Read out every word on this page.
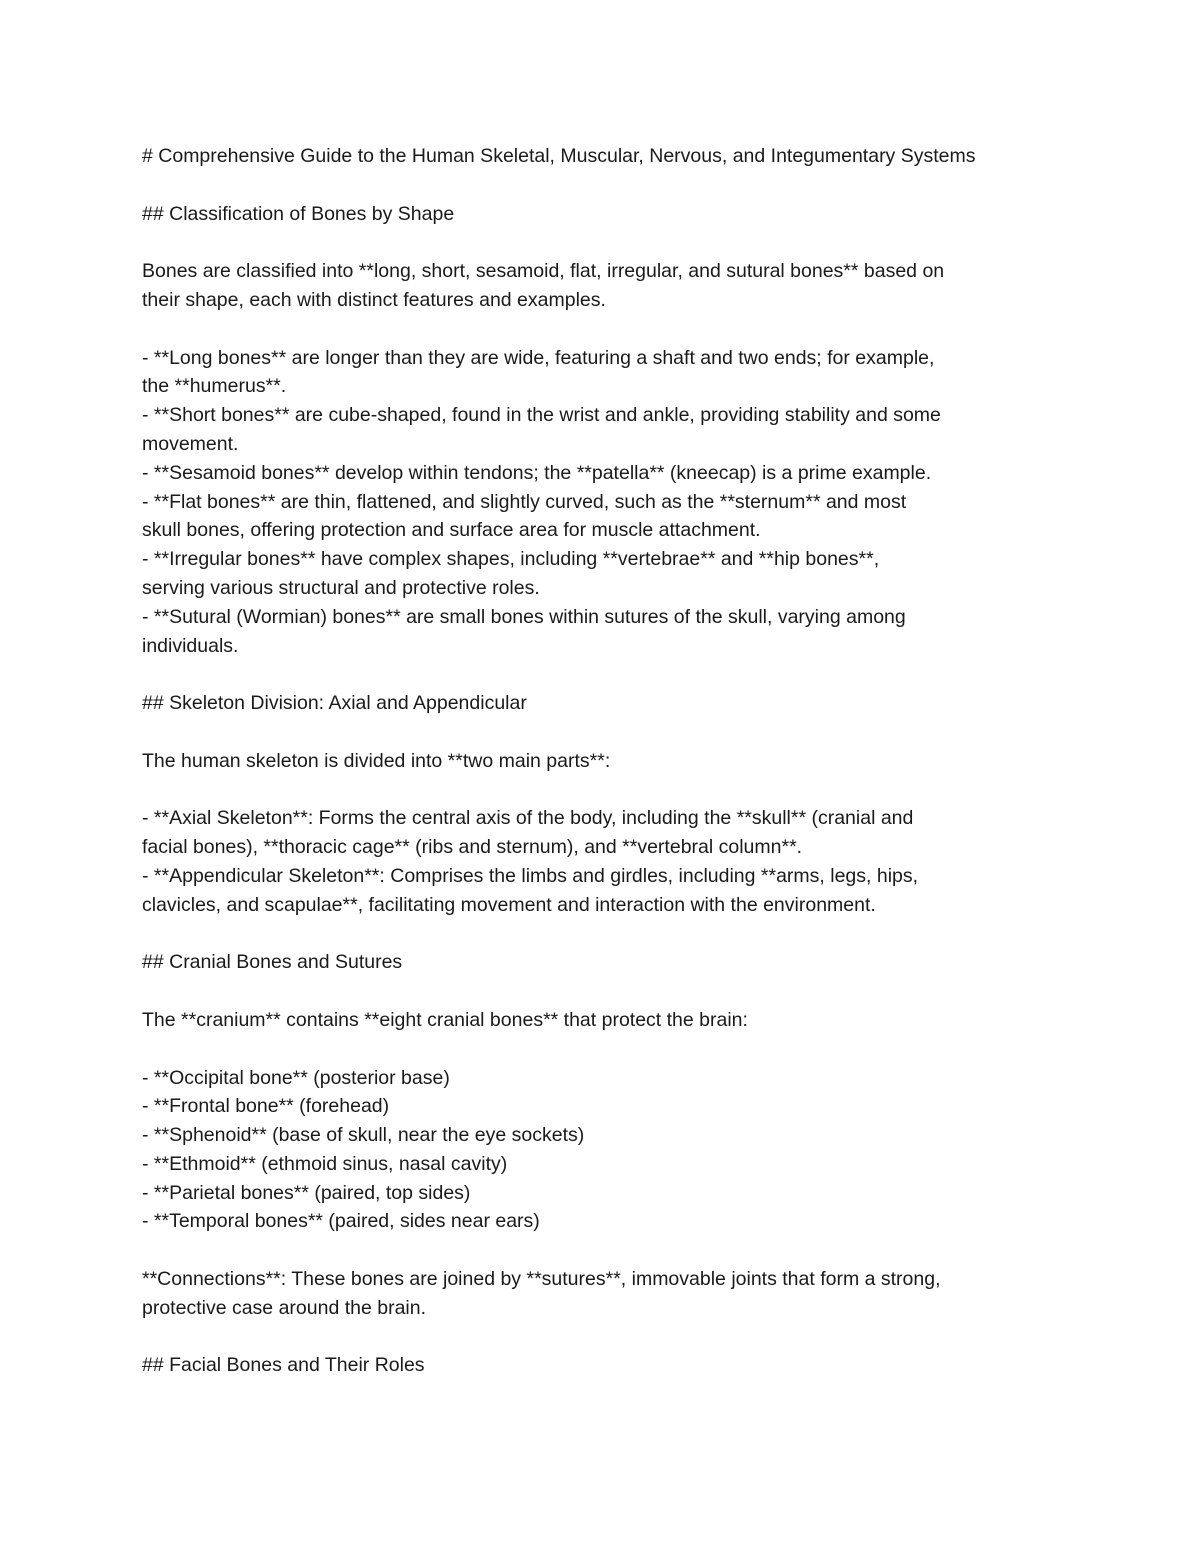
# Comprehensive Guide to the Human Skeletal, Muscular, Nervous, and Integumentary Systems
## Classification of Bones by Shape
Bones are classified into **long, short, sesamoid, flat, irregular, and sutural bones** based on
their shape, each with distinct features and examples.
- **Long bones** are longer than they are wide, featuring a shaft and two ends; for example,
the **humerus**.
- **Short bones** are cube-shaped, found in the wrist and ankle, providing stability and some
movement.
- **Sesamoid bones** develop within tendons; the **patella** (kneecap) is a prime example.
- **Flat bones** are thin, flattened, and slightly curved, such as the **sternum** and most
skull bones, offering protection and surface area for muscle attachment.
- **Irregular bones** have complex shapes, including **vertebrae** and **hip bones**,
serving various structural and protective roles.
- **Sutural (Wormian) bones** are small bones within sutures of the skull, varying among
individuals.
## Skeleton Division: Axial and Appendicular
The human skeleton is divided into **two main parts**:
- **Axial Skeleton**: Forms the central axis of the body, including the **skull** (cranial and
facial bones), **thoracic cage** (ribs and sternum), and **vertebral column**.
- **Appendicular Skeleton**: Comprises the limbs and girdles, including **arms, legs, hips,
clavicles, and scapulae**, facilitating movement and interaction with the environment.
## Cranial Bones and Sutures
The **cranium** contains **eight cranial bones** that protect the brain:
- **Occipital bone** (posterior base)
- **Frontal bone** (forehead)
- **Sphenoid** (base of skull, near the eye sockets)
- **Ethmoid** (ethmoid sinus, nasal cavity)
- **Parietal bones** (paired, top sides)
- **Temporal bones** (paired, sides near ears)
**Connections**: These bones are joined by **sutures**, immovable joints that form a strong,
protective case around the brain.
## Facial Bones and Their Roles
